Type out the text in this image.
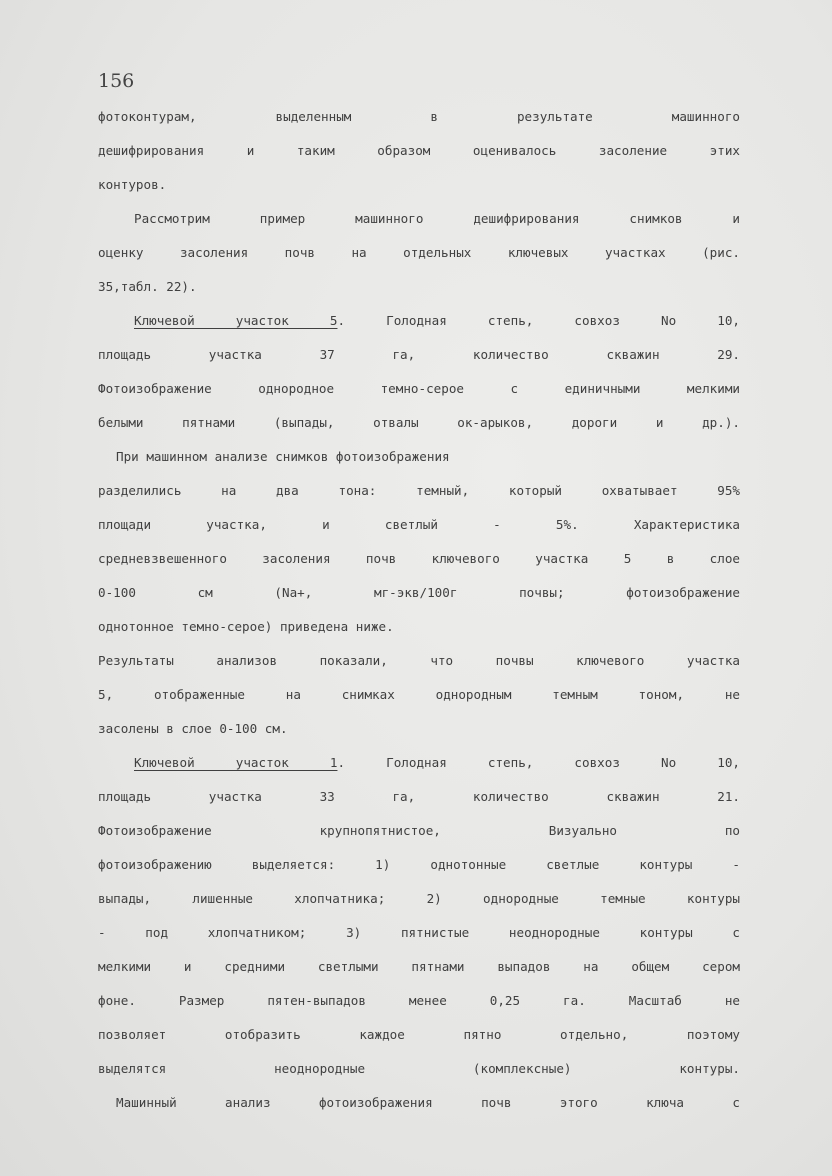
156
фотоконтурам, выделенным в результате машинного
дешифрирования и таким образом оценивалось засоление этих
контуров.
Рассмотрим пример машинного дешифрирования снимков и
оценку засоления почв на отдельных ключевых участках (рис.
35,табл. 22).
Ключевой участок 5. Голодная степь, совхоз No 10,
площадь участка 37 га, количество скважин 29.
Фотоизображение однородное темно-серое с единичными мелкими
белыми пятнами (выпады, отвалы ок-арыков, дороги и др.).
При машинном анализе снимков фотоизображения
разделились на два тона: темный, который охватывает 95%
площади участка, и светлый - 5%. Характеристика
средневзвешенного засоления почв ключевого участка 5 в слое
0-100 см (Na+, мг-экв/100г почвы; фотоизображение
однотонное темно-серое) приведена ниже.
Результаты анализов показали, что почвы ключевого участка
5, отображенные на снимках однородным темным тоном, не
засолены в слое 0-100 см.
Ключевой участок 1. Голодная степь, совхоз No 10,
площадь участка 33 га, количество скважин 21.
Фотоизображение крупнопятнистое, Визуально по
фотоизображению выделяется: 1) однотонные светлые контуры -
выпады, лишенные хлопчатника; 2) однородные темные контуры
- под хлопчатником; 3) пятнистые неоднородные контуры с
мелкими и средними светлыми пятнами выпадов на общем сером
фоне. Размер пятен-выпадов менее 0,25 га. Масштаб не
позволяет отобразить каждое пятно отдельно, поэтому
выделятся неоднородные (комплексные) контуры.
Машинный анализ фотоизображения почв этого ключа с
